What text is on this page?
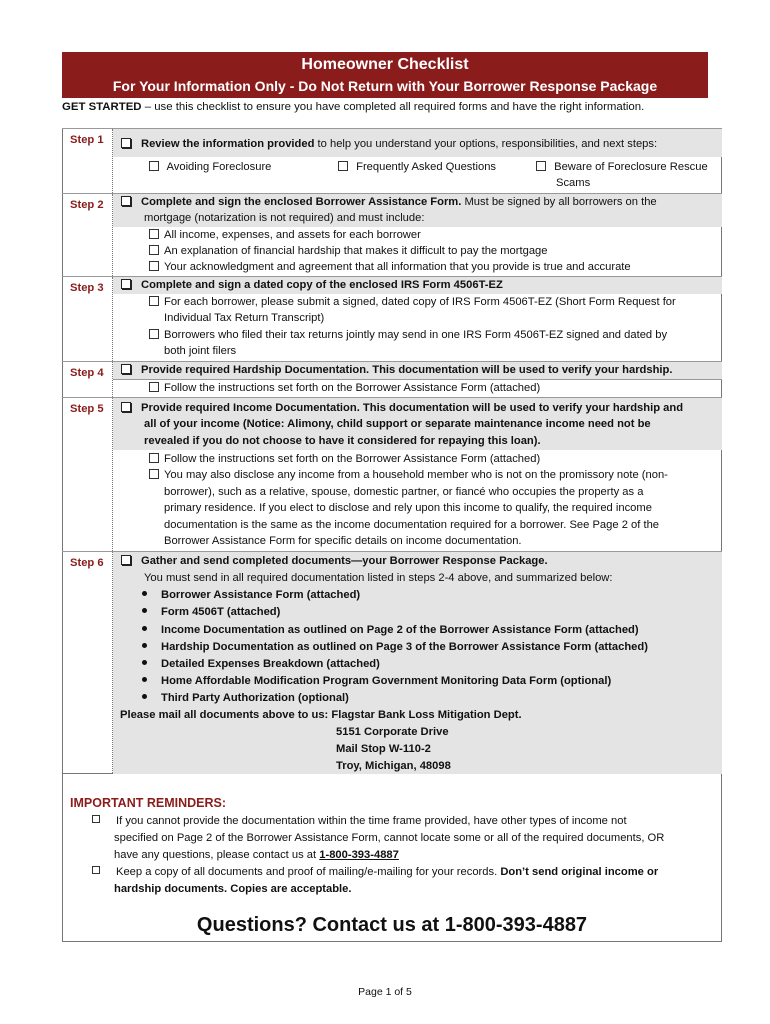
Homeowner Checklist
For Your Information Only - Do Not Return with Your Borrower Response Package
GET STARTED – use this checklist to ensure you have completed all required forms and have the right information.
Step 1	Review the information provided to help you understand your options, responsibilities, and next steps:
Avoiding Foreclosure	Frequently Asked Questions	Beware of Foreclosure Rescue
Scams
Step 2	Complete and sign the enclosed Borrower Assistance Form. Must be signed by all borrowers on the
mortgage (notarization is not required) and must include:
All income, expenses, and assets for each borrower
An explanation of financial hardship that makes it difficult to pay the mortgage
Your acknowledgment and agreement that all information that you provide is true and accurate
Step 3	Complete and sign a dated copy of the enclosed IRS Form 4506T-EZ
For each borrower, please submit a signed, dated copy of IRS Form 4506T-EZ (Short Form Request for
Individual Tax Return Transcript)
Borrowers who filed their tax returns jointly may send in one IRS Form 4506T-EZ signed and dated by
both joint filers
Step 4	Provide required Hardship Documentation. This documentation will be used to verify your hardship.
Follow the instructions set forth on the Borrower Assistance Form (attached)
Step 5	Provide required Income Documentation. This documentation will be used to verify your hardship and
all of your income (Notice: Alimony, child support or separate maintenance income need not be
revealed if you do not choose to have it considered for repaying this loan).
Follow the instructions set forth on the Borrower Assistance Form (attached)
You may also disclose any income from a household member who is not on the promissory note (non-
borrower), such as a relative, spouse, domestic partner, or fiancé who occupies the property as a
primary residence. If you elect to disclose and rely upon this income to qualify, the required income
documentation is the same as the income documentation required for a borrower. See Page 2 of the
Borrower Assistance Form for specific details on income documentation.
Step 6	Gather and send completed documents—your Borrower Response Package.
You must send in all required documentation listed in steps 2-4 above, and summarized below:
Borrower Assistance Form (attached)
Form 4506T (attached)
Income Documentation as outlined on Page 2 of the Borrower Assistance Form (attached)
Hardship Documentation as outlined on Page 3 of the Borrower Assistance Form (attached)
Detailed Expenses Breakdown (attached)
Home Affordable Modification Program Government Monitoring Data Form (optional)
Third Party Authorization (optional)
Please mail all documents above to us: Flagstar Bank Loss Mitigation Dept.
5151 Corporate Drive
Mail Stop W-110-2
Troy, Michigan, 48098
IMPORTANT REMINDERS:
If you cannot provide the documentation within the time frame provided, have other types of income not
specified on Page 2 of the Borrower Assistance Form, cannot locate some or all of the required documents, OR
have any questions, please contact us at 1-800-393-4887
Keep a copy of all documents and proof of mailing/e-mailing for your records. Don’t send original income or
hardship documents. Copies are acceptable.
Questions? Contact us at 1-800-393-4887
Page 1 of 5
